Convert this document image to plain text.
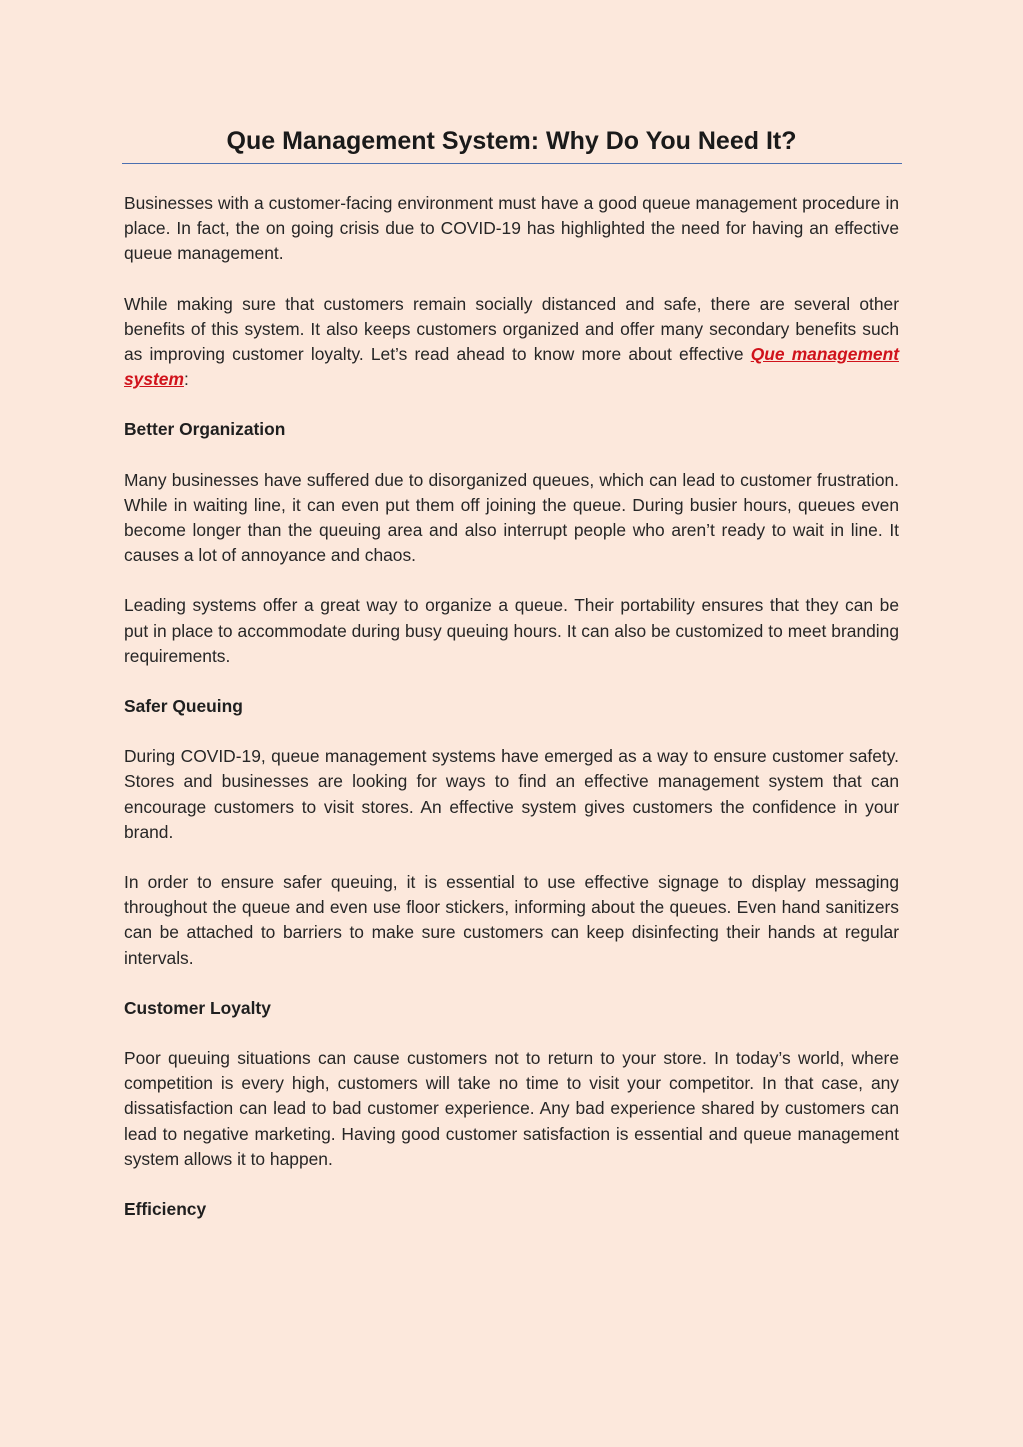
Que Management System: Why Do You Need It?

Businesses with a customer-facing environment must have a good queue management procedure in place. In fact, the on going crisis due to COVID-19 has highlighted the need for having an effective queue management.

While making sure that customers remain socially distanced and safe, there are several other benefits of this system. It also keeps customers organized and offer many secondary benefits such as improving customer loyalty. Let’s read ahead to know more about effective Que management system:

Better Organization

Many businesses have suffered due to disorganized queues, which can lead to customer frustration. While in waiting line, it can even put them off joining the queue. During busier hours, queues even become longer than the queuing area and also interrupt people who aren’t ready to wait in line. It causes a lot of annoyance and chaos.

Leading systems offer a great way to organize a queue. Their portability ensures that they can be put in place to accommodate during busy queuing hours. It can also be customized to meet branding requirements.

Safer Queuing

During COVID-19, queue management systems have emerged as a way to ensure customer safety. Stores and businesses are looking for ways to find an effective management system that can encourage customers to visit stores. An effective system gives customers the confidence in your brand.

In order to ensure safer queuing, it is essential to use effective signage to display messaging throughout the queue and even use floor stickers, informing about the queues. Even hand sanitizers can be attached to barriers to make sure customers can keep disinfecting their hands at regular intervals.

Customer Loyalty

Poor queuing situations can cause customers not to return to your store. In today’s world, where competition is every high, customers will take no time to visit your competitor. In that case, any dissatisfaction can lead to bad customer experience. Any bad experience shared by customers can lead to negative marketing. Having good customer satisfaction is essential and queue management system allows it to happen.

Efficiency
